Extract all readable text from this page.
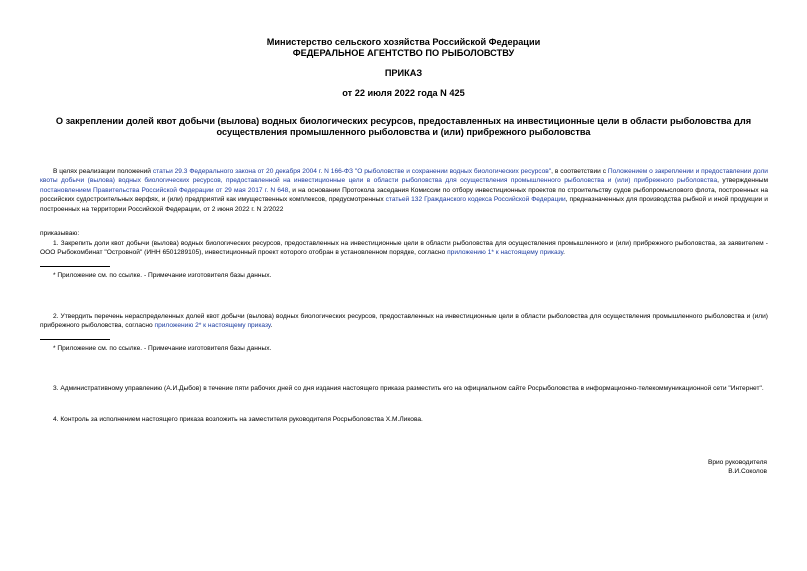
Министерство сельского хозяйства Российской Федерации
ФЕДЕРАЛЬНОЕ АГЕНТСТВО ПО РЫБОЛОВСТВУ
ПРИКАЗ
от 22 июля 2022 года N 425
О закреплении долей квот добычи (вылова) водных биологических ресурсов, предоставленных на инвестиционные цели в области рыболовства для
осуществления промышленного рыболовства и (или) прибрежного рыболовства
В целях реализации положений статьи 29.3 Федерального закона от 20 декабря 2004 г. N 166-ФЗ "О рыболовстве и сохранении водных биологических ресурсов", в соответствии с Положением о закреплении и предоставлении доли квоты добычи (вылова) водных биологических ресурсов, предоставленной на инвестиционные цели в области рыболовства для осуществления промышленного рыболовства и (или) прибрежного рыболовства, утвержденным постановлением Правительства Российской Федерации от 29 мая 2017 г. N 648, и на основании Протокола заседания Комиссии по отбору инвестиционных проектов по строительству судов рыбопромыслового флота, построенных на российских судостроительных верфях, и (или) предприятий как имущественных комплексов, предусмотренных статьей 132 Гражданского кодекса Российской Федерации, предназначенных для производства рыбной и иной продукции и построенных на территории Российской Федерации, от 2 июня 2022 г. N 2/2022
приказываю:
1. Закрепить доли квот добычи (вылова) водных биологических ресурсов, предоставленных на инвестиционные цели в области рыболовства для осуществления промышленного и (или) прибрежного рыболовства, за заявителем - ООО Рыбокомбинат "Островной" (ИНН 6501289105), инвестиционный проект которого отобран в установленном порядке, согласно приложению 1* к настоящему приказу.
* Приложение см. по ссылке. - Примечание изготовителя базы данных.
2. Утвердить перечень нераспределенных долей квот добычи (вылова) водных биологических ресурсов, предоставленных на инвестиционные цели в области рыболовства для осуществления промышленного рыболовства и (или) прибрежного рыболовства, согласно приложению 2* к настоящему приказу.
* Приложение см. по ссылке. - Примечание изготовителя базы данных.
3. Административному управлению (А.И.Дыбов) в течение пяти рабочих дней со дня издания настоящего приказа разместить его на официальном сайте Росрыболовства в информационно-телекоммуникационной сети "Интернет".
4. Контроль за исполнением настоящего приказа возложить на заместителя руководителя Росрыболовства Х.М.Ликова.
Врио руководителя
В.И.Соколов
